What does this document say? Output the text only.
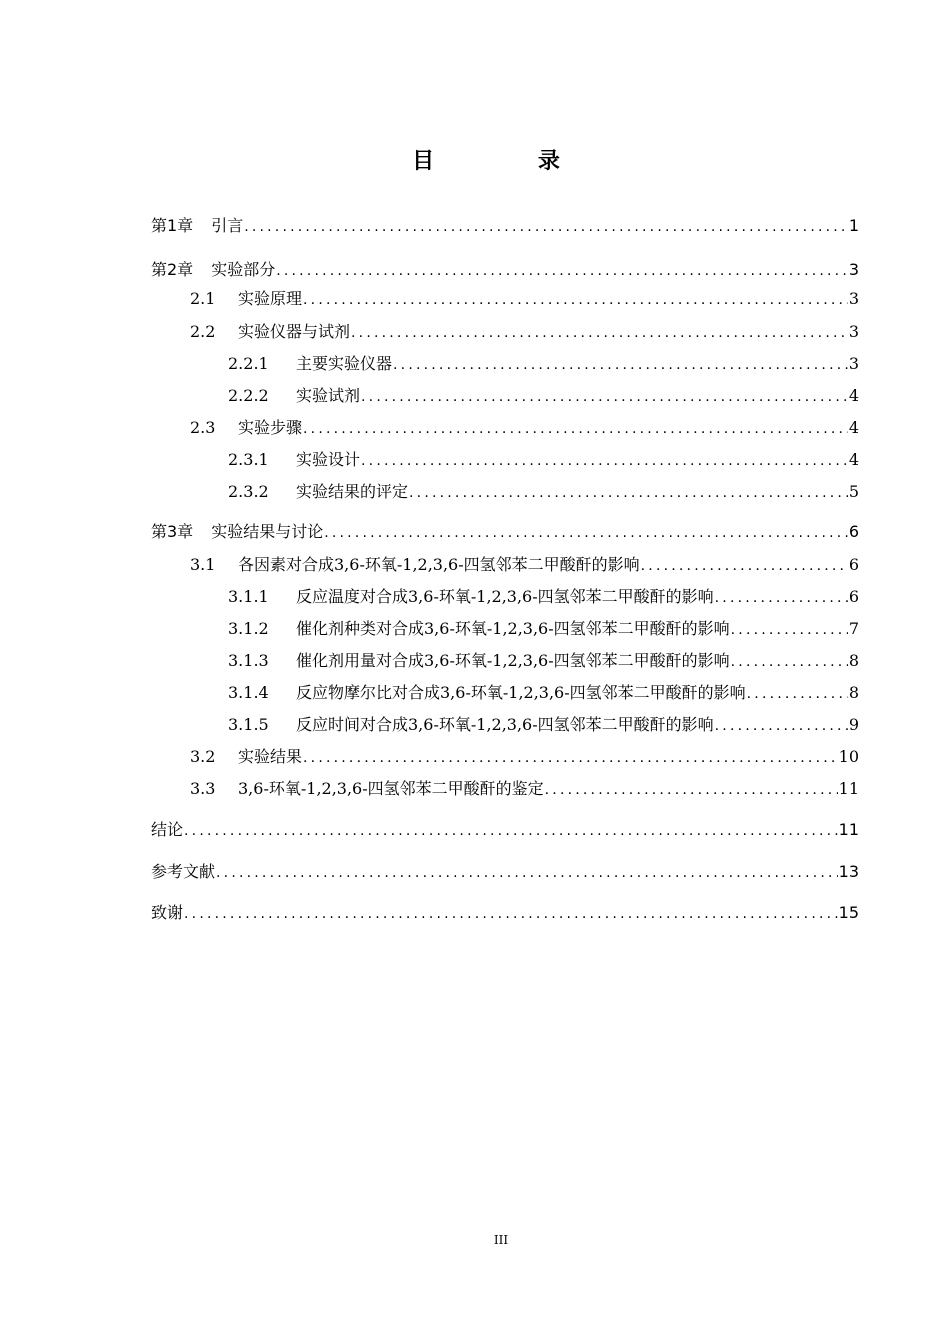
目 录
第1章 引言 .....	1
第2章 实验部分 .....	3
2.1	实验原理 .....	3
2.2	实验仪器与试剂 .....	3
2.2.1	主要实验仪器 .....	3
2.2.2	实验试剂 .....	4
2.3	实验步骤 .....	4
2.3.1	实验设计 .....	4
2.3.2	实验结果的评定 .....	5
第3章 实验结果与讨论 .....	6
3.1	各因素对合成3,6-环氧-1,2,3,6-四氢邻苯二甲酸酐的影响 .....	6
3.1.1	反应温度对合成3,6-环氧-1,2,3,6-四氢邻苯二甲酸酐的影响 .....	6
3.1.2	催化剂种类对合成3,6-环氧-1,2,3,6-四氢邻苯二甲酸酐的影响 .....	7
3.1.3	催化剂用量对合成3,6-环氧-1,2,3,6-四氢邻苯二甲酸酐的影响 .....	8
3.1.4	反应物摩尔比对合成3,6-环氧-1,2,3,6-四氢邻苯二甲酸酐的影响 .....	8
3.1.5	反应时间对合成3,6-环氧-1,2,3,6-四氢邻苯二甲酸酐的影响 .....	9
3.2	实验结果 .....	10
3.3	3,6-环氧-1,2,3,6-四氢邻苯二甲酸酐的鉴定 .....	11
结论 .....	11
参考文献 .....	13
致谢 .....	15
III
